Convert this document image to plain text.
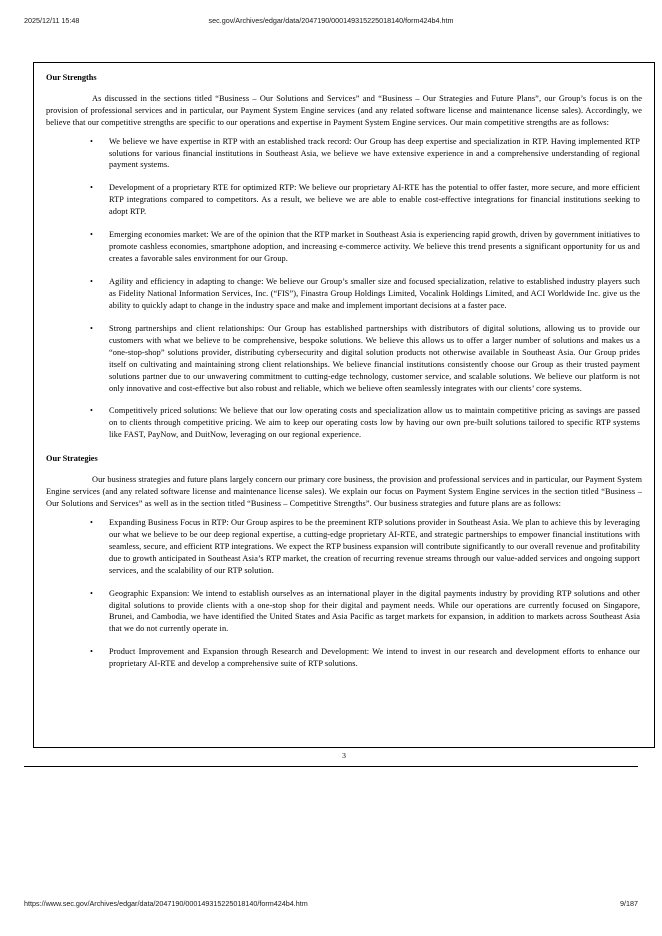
2025/12/11 15:48	sec.gov/Archives/edgar/data/2047190/000149315225018140/form424b4.htm
Our Strengths

As discussed in the sections titled “Business – Our Solutions and Services” and “Business – Our Strategies and Future Plans”, our Group’s focus is on the provision of professional services and in particular, our Payment System Engine services (and any related software license and maintenance license sales). Accordingly, we believe that our competitive strengths are specific to our operations and expertise in Payment System Engine services. Our main competitive strengths are as follows:

• We believe we have expertise in RTP with an established track record: Our Group has deep expertise and specialization in RTP. Having implemented RTP solutions for various financial institutions in Southeast Asia, we believe we have extensive experience in and a comprehensive understanding of regional payment systems.
• Development of a proprietary RTE for optimized RTP: We believe our proprietary AI-RTE has the potential to offer faster, more secure, and more efficient RTP integrations compared to competitors. As a result, we believe we are able to enable cost-effective integrations for financial institutions seeking to adopt RTP.
• Emerging economies market: We are of the opinion that the RTP market in Southeast Asia is experiencing rapid growth, driven by government initiatives to promote cashless economies, smartphone adoption, and increasing e-commerce activity. We believe this trend presents a significant opportunity for us and creates a favorable sales environment for our Group.
• Agility and efficiency in adapting to change: We believe our Group’s smaller size and focused specialization, relative to established industry players such as Fidelity National Information Services, Inc. (“FIS”), Finastra Group Holdings Limited, Vocalink Holdings Limited, and ACI Worldwide Inc. give us the ability to quickly adapt to change in the industry space and make and implement important decisions at a faster pace.
• Strong partnerships and client relationships: Our Group has established partnerships with distributors of digital solutions, allowing us to provide our customers with what we believe to be comprehensive, bespoke solutions. We believe this allows us to offer a larger number of solutions and makes us a “one-stop-shop” solutions provider, distributing cybersecurity and digital solution products not otherwise available in Southeast Asia. Our Group prides itself on cultivating and maintaining strong client relationships. We believe financial institutions consistently choose our Group as their trusted payment solutions partner due to our unwavering commitment to cutting-edge technology, customer service, and scalable solutions. We believe our platform is not only innovative and cost-effective but also robust and reliable, which we believe often seamlessly integrates with our clients’ core systems.
• Competitively priced solutions: We believe that our low operating costs and specialization allow us to maintain competitive pricing as savings are passed on to clients through competitive pricing. We aim to keep our operating costs low by having our own pre-built solutions tailored to specific RTP systems like FAST, PayNow, and DuitNow, leveraging on our regional experience.
Our Strategies

Our business strategies and future plans largely concern our primary core business, the provision and professional services and in particular, our Payment System Engine services (and any related software license and maintenance license sales). We explain our focus on Payment System Engine services in the section titled “Business – Our Solutions and Services” as well as in the section titled “Business – Competitive Strengths”. Our business strategies and future plans are as follows:

• Expanding Business Focus in RTP: Our Group aspires to be the preeminent RTP solutions provider in Southeast Asia. We plan to achieve this by leveraging our what we believe to be our deep regional expertise, a cutting-edge proprietary AI-RTE, and strategic partnerships to empower financial institutions with seamless, secure, and efficient RTP integrations. We expect the RTP business expansion will contribute significantly to our overall revenue and profitability due to growth anticipated in Southeast Asia’s RTP market, the creation of recurring revenue streams through our value-added services and ongoing support services, and the scalability of our RTP solution.
• Geographic Expansion: We intend to establish ourselves as an international player in the digital payments industry by providing RTP solutions and other digital solutions to provide clients with a one-stop shop for their digital and payment needs. While our operations are currently focused on Singapore, Brunei, and Cambodia, we have identified the United States and Asia Pacific as target markets for expansion, in addition to markets across Southeast Asia that we do not currently operate in.
• Product Improvement and Expansion through Research and Development: We intend to invest in our research and development efforts to enhance our proprietary AI-RTE and develop a comprehensive suite of RTP solutions.
3
https://www.sec.gov/Archives/edgar/data/2047190/000149315225018140/form424b4.htm	9/187
